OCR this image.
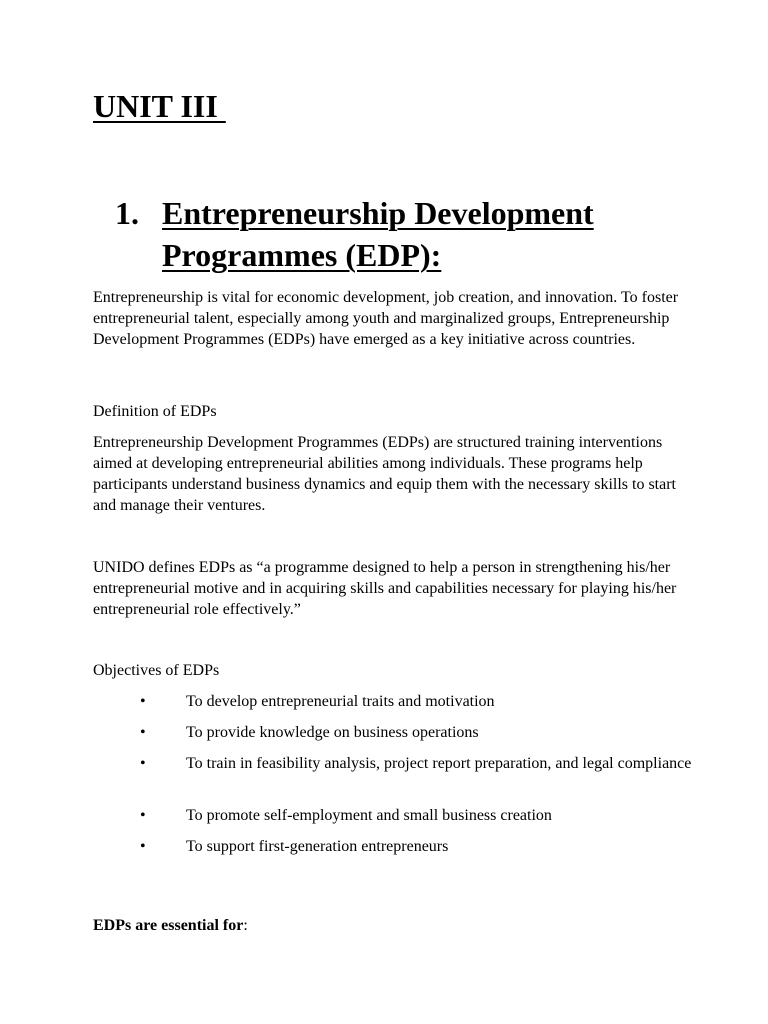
UNIT III
1. Entrepreneurship Development
Programmes (EDP):

Entrepreneurship is vital for economic development, job creation, and innovation. To foster entrepreneurial talent, especially among youth and marginalized groups, Entrepreneurship Development Programmes (EDPs) have emerged as a key initiative across countries.

Definition of EDPs

Entrepreneurship Development Programmes (EDPs) are structured training interventions aimed at developing entrepreneurial abilities among individuals. These programs help participants understand business dynamics and equip them with the necessary skills to start and manage their ventures.

UNIDO defines EDPs as “a programme designed to help a person in strengthening his/her entrepreneurial motive and in acquiring skills and capabilities necessary for playing his/her entrepreneurial role effectively.”

Objectives of EDPs

•	To develop entrepreneurial traits and motivation
•	To provide knowledge on business operations
•	To train in feasibility analysis, project report preparation, and legal compliance
•	To promote self-employment and small business creation
•	To support first-generation entrepreneurs
EDPs are essential for:
